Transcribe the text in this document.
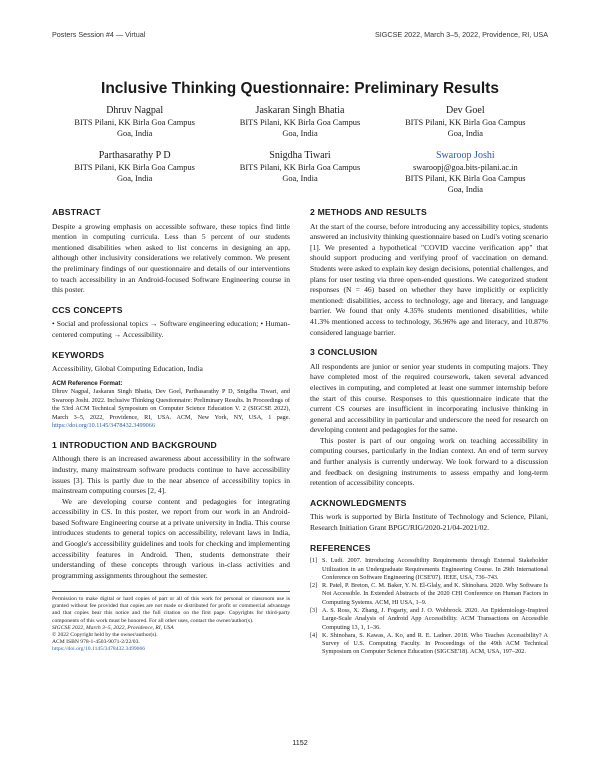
Posters Session #4 — Virtual	SIGCSE 2022, March 3–5, 2022, Providence, RI, USA
Inclusive Thinking Questionnaire: Preliminary Results
Dhruv Nagpal
BITS Pilani, KK Birla Goa Campus
Goa, India
Jaskaran Singh Bhatia
BITS Pilani, KK Birla Goa Campus
Goa, India
Dev Goel
BITS Pilani, KK Birla Goa Campus
Goa, India
Parthasarathy P D
BITS Pilani, KK Birla Goa Campus
Goa, India
Snigdha Tiwari
BITS Pilani, KK Birla Goa Campus
Goa, India
Swaroop Joshi
swaroopj@goa.bits-pilani.ac.in
BITS Pilani, KK Birla Goa Campus
Goa, India
ABSTRACT

Despite a growing emphasis on accessible software, these topics find little mention in computing curricula. Less than 5 percent of our students mentioned disabilities when asked to list concerns in designing an app, although other inclusivity considerations we relatively common. We present the preliminary findings of our questionnaire and details of our interventions to teach accessibility in an Android-focused Software Engineering course in this poster.

CCS CONCEPTS

• Social and professional topics → Software engineering education; • Human-centered computing → Accessibility.

KEYWORDS

Accessibility, Global Computing Education, India

ACM Reference Format:
Dhruv Nagpal, Jaskaran Singh Bhatia, Dev Goel, Parthasarathy P D, Snigdha Tiwari, and Swaroop Joshi. 2022. Inclusive Thinking Questionnaire: Preliminary Results. In Proceedings of the 53rd ACM Technical Symposium on Computer Science Education V. 2 (SIGCSE 2022), March 3–5, 2022, Providence, RI, USA. ACM, New York, NY, USA, 1 page. https://doi.org/10.1145/3478432.3499066
1 INTRODUCTION AND BACKGROUND

Although there is an increased awareness about accessibility in the software industry, many mainstream software products continue to have accessibility issues [3]. This is partly due to the near absence of accessibility topics in mainstream computing courses [2, 4].

We are developing course content and pedagogies for integrating accessibility in CS. In this poster, we report from our work in an Android-based Software Engineering course at a private university in India. This course introduces students to general topics on accessibility, relevant laws in India, and Google's accessibility guidelines and tools for checking and implementing accessibility features in Android. Then, students demonstrate their understanding of these concepts through various in-class activities and programming assignments throughout the semester.

Permission to make digital or hard copies of part or all of this work for personal or classroom use is granted without fee provided that copies are not made or distributed for profit or commercial advantage and that copies bear this notice and the full citation on the first page. Copyrights for third-party components of this work must be honored. For all other uses, contact the owner/author(s).
SIGCSE 2022, March 3–5, 2022, Providence, RI, USA
© 2022 Copyright held by the owner/author(s).
ACM ISBN 978-1-4503-9071-2/22/03.
https://doi.org/10.1145/3478432.3499066
2 METHODS AND RESULTS

At the start of the course, before introducing any accessibility topics, students answered an inclusivity thinking questionnaire based on Ludi's voting scenario [1]. We presented a hypothetical "COVID vaccine verification app" that should support producing and verifying proof of vaccination on demand. Students were asked to explain key design decisions, potential challenges, and plans for user testing via three open-ended questions. We categorized student responses (N = 46) based on whether they have implicitly or explicitly mentioned: disabilities, access to technology, age and literacy, and language barrier. We found that only 4.35% students mentioned disabilities, while 41.3% mentioned access to technology, 36.96% age and literacy, and 10.87% considered language barrier.

3 CONCLUSION

All respondents are junior or senior year students in computing majors. They have completed most of the required coursework, taken several advanced electives in computing, and completed at least one summer internship before the start of this course. Responses to this questionnaire indicate that the current CS courses are insufficient in incorporating inclusive thinking in general and accessibility in particular and underscore the need for research on developing content and pedagogies for the same.

This poster is part of our ongoing work on teaching accessibility in computing courses, particularly in the Indian context. An end of term survey and further analysis is currently underway. We look forward to a discussion and feedback on designing instruments to assess empathy and long-term retention of accessibility concepts.

ACKNOWLEDGMENTS

This work is supported by Birla Institute of Technology and Science, Pilani, Research Initiation Grant BPGC/RIG/2020-21/04-2021/02.

REFERENCES
[1] S. Ludi. 2007. Introducing Accessibility Requirements through External Stakeholder Utilization in an Undergraduate Requirements Engineering Course. In 29th International Conference on Software Engineering (ICSE'07). IEEE, USA, 736–743.
[2] R. Patel, P. Breton, C. M. Baker, Y. N. El-Glaly, and K. Shinohara. 2020. Why Software Is Not Accessible. In Extended Abstracts of the 2020 CHI Conference on Human Factors in Computing Systems. ACM, HI USA, 1–9.
[3] A. S. Ross, X. Zhang, J. Fogarty, and J. O. Wobbrock. 2020. An Epidemiology-Inspired Large-Scale Analysis of Android App Accessibility. ACM Transactions on Accessible Computing 13, 1, 1–36.
[4] K. Shinohara, S. Kawas, A. Ko, and R. E. Ladner. 2018. Who Teaches Accessibility? A Survey of U.S. Computing Faculty. In Proceedings of the 49th ACM Technical Symposium on Computer Science Education (SIGCSE'18). ACM, USA, 197–202.
1152
